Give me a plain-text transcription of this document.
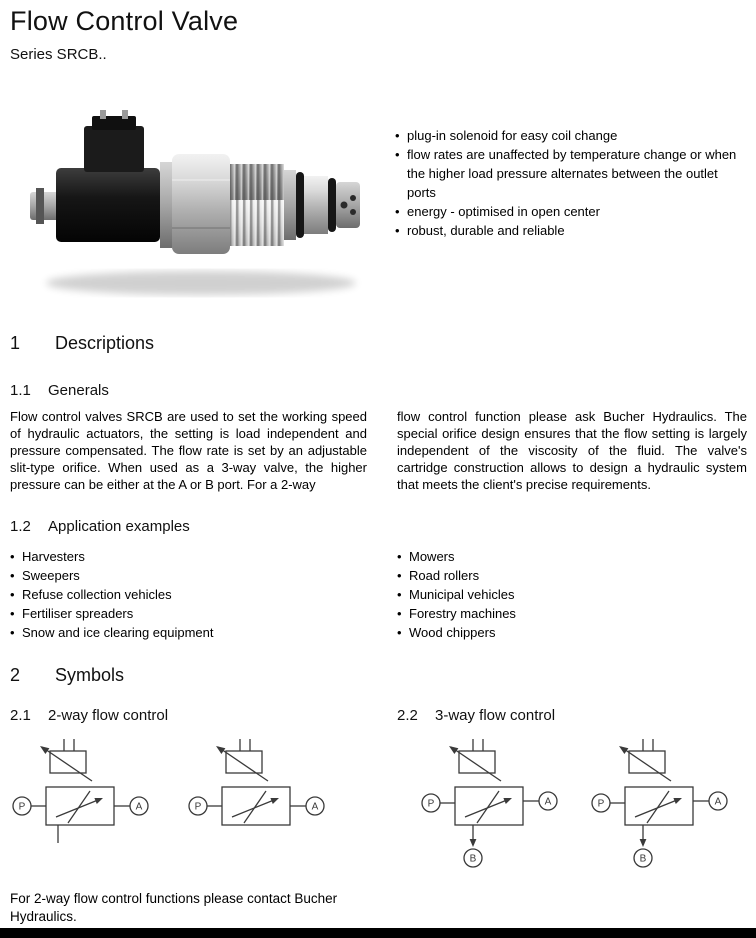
Flow Control Valve
Series SRCB..
• plug-in solenoid for easy coil change
• flow rates are unaffected by temperature change or when the higher load pressure alternates between the outlet ports
• energy - optimised in open center
• robust, durable and reliable
1 Descriptions
1.1 Generals

Flow control valves SRCB are used to set the working speed of hydraulic actuators, the setting is load independent and pressure compensated. The flow rate is set by an adjustable slit-type orifice. When used as a 3-way valve, the higher pressure can be either at the A or B port. For a 2-way

flow control function please ask Bucher Hydraulics. The special orifice design ensures that the flow setting is largely independent of the viscosity of the fluid. The valve's cartridge construction allows to design a hydraulic system that meets the client's precise requirements.

1.2 Application examples
• Harvesters
• Sweepers
• Refuse collection vehicles
• Fertiliser spreaders
• Snow and ice clearing equipment
• Mowers
• Road rollers
• Municipal vehicles
• Forestry machines
• Wood chippers
2 Symbols
2.1 2-way flow control	2.2 3-way flow control
P	A	P	A	P	A
B
P	A
B

For 2-way flow control functions please contact Bucher Hydraulics.
